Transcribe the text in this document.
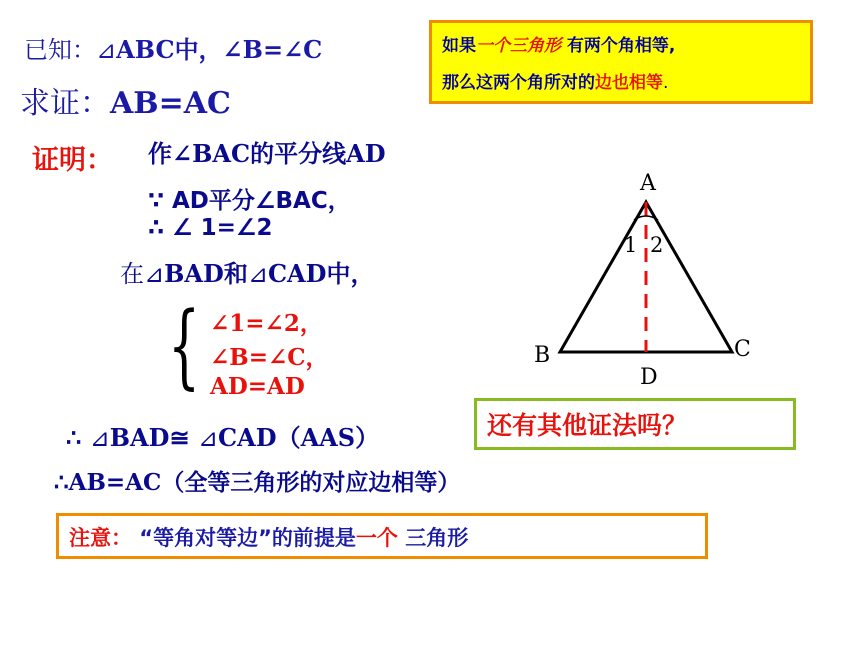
已知：⊿ABC中，∠B=∠C
求证：AB=AC
如果一个三角形 有两个角相等,
那么这两个角所对的边也相等.
证明： 作∠BAC的平分线AD
∵ AD平分∠BAC，
∴ ∠ 1=∠2
在⊿BAD和⊿CAD中，
{ ∠1=∠2，
∠B=∠C，
AD=AD
∴ ⊿BAD≅ ⊿CAD（AAS）
∴AB=AC（全等三角形的对应边相等）
还有其他证法吗？
注意： “等角对等边”的前提是一个 三角形
A
1 2
B	C
D
